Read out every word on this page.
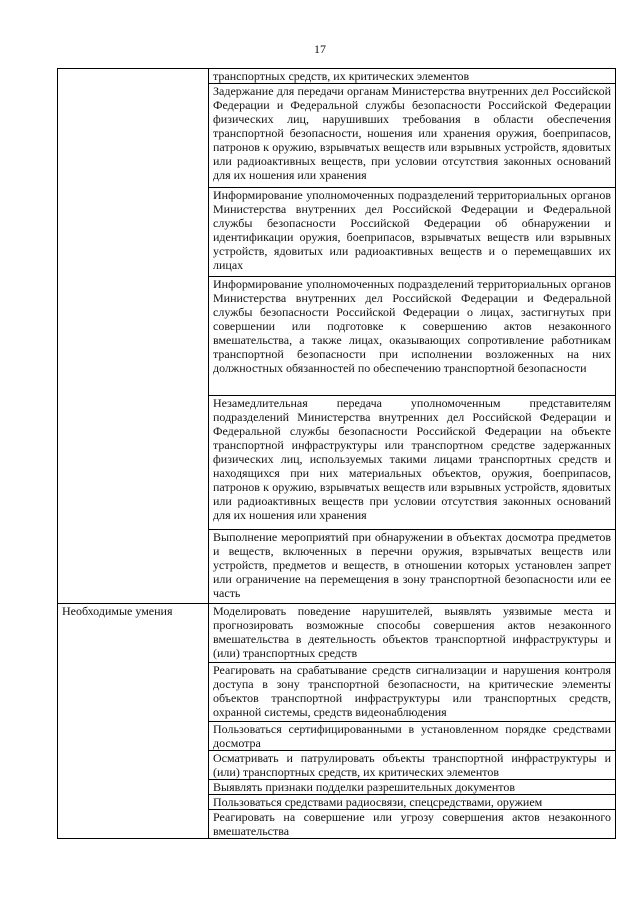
17
	транспортных средств, их критических элементов
	Задержание для передачи органам Министерства внутренних дел Российской Федерации и Федеральной службы безопасности Российской Федерации физических лиц, нарушивших требования в области обеспечения транспортной безопасности, ношения или хранения оружия, боеприпасов, патронов к оружию, взрывчатых веществ или взрывных устройств, ядовитых или радиоактивных веществ, при условии отсутствия законных оснований для их ношения или хранения
	Информирование уполномоченных подразделений территориальных органов Министерства внутренних дел Российской Федерации и Федеральной службы безопасности Российской Федерации об обнаружении и идентификации оружия, боеприпасов, взрывчатых веществ или взрывных устройств, ядовитых или радиоактивных веществ и о перемещавших их лицах
	Информирование уполномоченных подразделений территориальных органов Министерства внутренних дел Российской Федерации и Федеральной службы безопасности Российской Федерации о лицах, застигнутых при совершении или подготовке к совершению актов незаконного вмешательства, а также лицах, оказывающих сопротивление работникам транспортной безопасности при исполнении возложенных на них должностных обязанностей по обеспечению транспортной безопасности
	Незамедлительная передача уполномоченным представителям подразделений Министерства внутренних дел Российской Федерации и Федеральной службы безопасности Российской Федерации на объекте транспортной инфраструктуры или транспортном средстве задержанных физических лиц, используемых такими лицами транспортных средств и находящихся при них материальных объектов, оружия, боеприпасов, патронов к оружию, взрывчатых веществ или взрывных устройств, ядовитых или радиоактивных веществ при условии отсутствия законных оснований для их ношения или хранения
	Выполнение мероприятий при обнаружении в объектах досмотра предметов и веществ, включенных в перечни оружия, взрывчатых веществ или устройств, предметов и веществ, в отношении которых установлен запрет или ограничение на перемещения в зону транспортной безопасности или ее часть
Необходимые умения	Моделировать поведение нарушителей, выявлять уязвимые места и прогнозировать возможные способы совершения актов незаконного вмешательства в деятельность объектов транспортной инфраструктуры и (или) транспортных средств
	Реагировать на срабатывание средств сигнализации и нарушения контроля доступа в зону транспортной безопасности, на критические элементы объектов транспортной инфраструктуры или транспортных средств, охранной системы, средств видеонаблюдения
	Пользоваться сертифицированными в установленном порядке средствами досмотра
	Осматривать и патрулировать объекты транспортной инфраструктуры и (или) транспортных средств, их критических элементов
	Выявлять признаки подделки разрешительных документов
	Пользоваться средствами радиосвязи, спецсредствами, оружием
	Реагировать на совершение или угрозу совершения актов незаконного вмешательства
